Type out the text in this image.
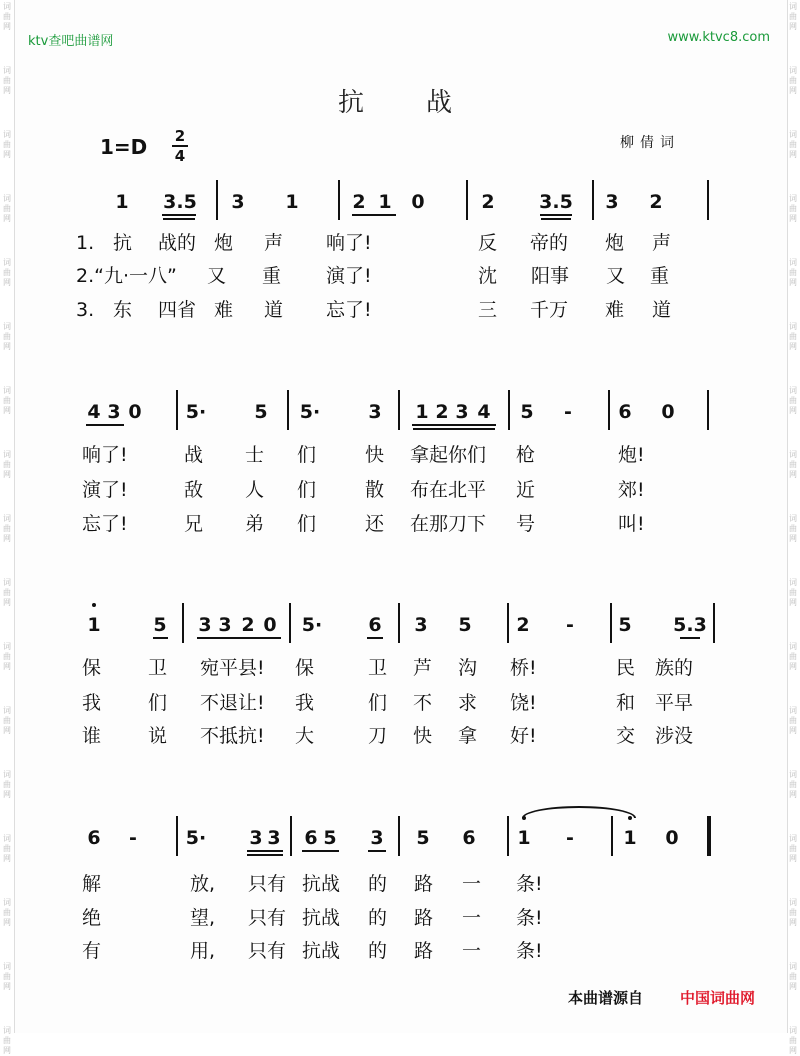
词曲网
词曲网
词曲网
词曲网
词曲网
词曲网
词曲网
词曲网
词曲网
词曲网
词曲网
词曲网
词曲网
词曲网
词曲网
词曲网
词曲网
词曲网
词曲网
词曲网
词曲网
词曲网
词曲网
词曲网
词曲网
词曲网
词曲网
词曲网
词曲网
词曲网
词曲网
词曲网
词曲网
词曲网
ktv查吧曲谱网	www.ktvc8.com
抗战
1=D 2
4
柳倩词
1 3.5 3 1	2 1 0	2 3.5 3 2
1. 抗 战的 炮 声 响了!	反 帝的 炮 声
2.“九·一八” 又 重 演了!	沈 阳事 又 重
3. 东 四省 难 道 忘了!	三 千万 难 道
4 3 0 5·	5 5·	3 1 2 3 4 5 - 6 0
响了!	战 士 们	快 拿起你们 枪	炮!
演了!	敌 人 们	散 布在北平 近	郊!
忘了!	兄 弟 们	还 在那刀下 号	叫!
1	5 3 3 2 0 5· 6 3 5 2 - 5 5.3
保 卫 宛平县! 保	卫 芦 沟 桥!	民 族的
我 们 不退让! 我	们 不 求 饶!	和 平早
谁 说 不抵抗! 大	刀 快 拿 好!	交 涉没
6 -	5· 3 3 6 5 3 5 6 1 -	1 0
解	放, 只有 抗战 的 路 一 条!
绝	望, 只有 抗战 的 路 一 条!
有	用, 只有 抗战 的 路 一 条!
本曲谱源自 中国词曲网
